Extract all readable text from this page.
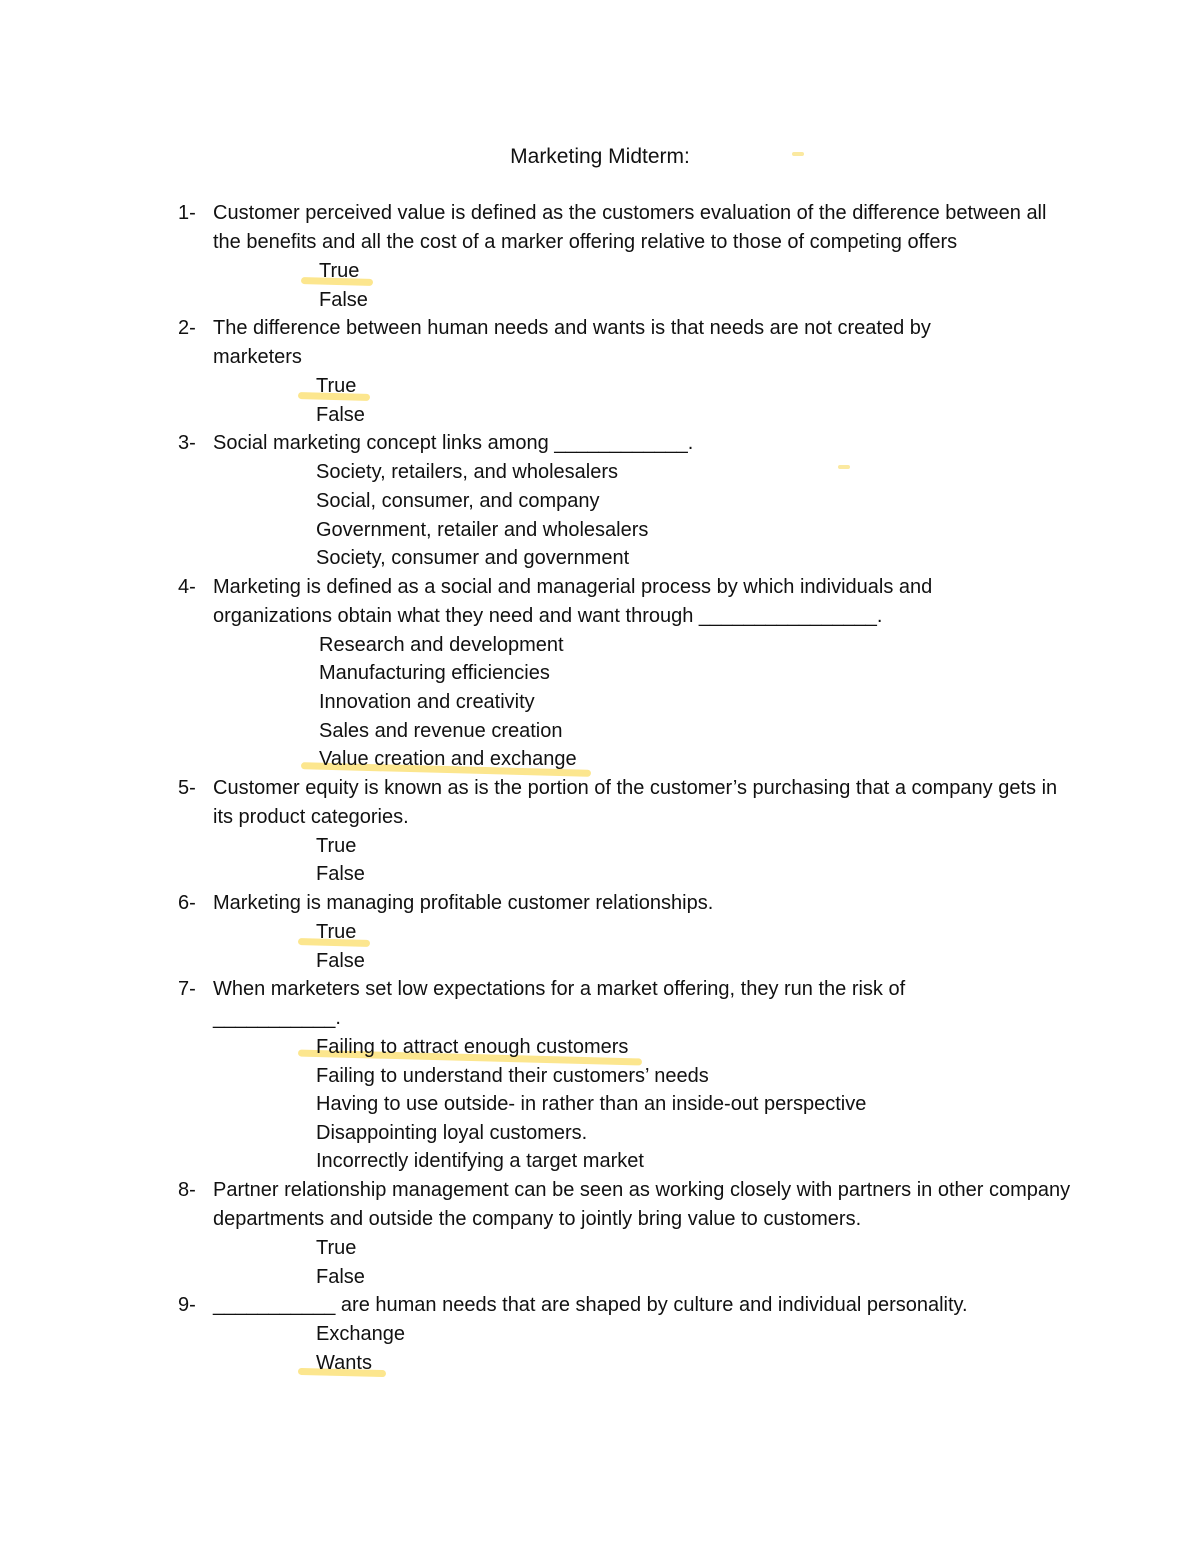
Marketing Midterm:
1- Customer perceived value is defined as the customers evaluation of the difference between all the benefits and all the cost of a marker offering relative to those of competing offers
True
False
2- The difference between human needs and wants is that needs are not created by marketers
True
False
3- Social marketing concept links among ____________.
Society, retailers, and wholesalers
Social, consumer, and company
Government, retailer and wholesalers
Society, consumer and government
4- Marketing is defined as a social and managerial process by which individuals and organizations obtain what they need and want through ________________.
Research and development
Manufacturing efficiencies
Innovation and creativity
Sales and revenue creation
Value creation and exchange
5- Customer equity is known as is the portion of the customer’s purchasing that a company gets in its product categories.
True
False
6- Marketing is managing profitable customer relationships.
True
False
7- When marketers set low expectations for a market offering, they run the risk of ___________.
Failing to attract enough customers
Failing to understand their customers’ needs
Having to use outside- in rather than an inside-out perspective
Disappointing loyal customers.
Incorrectly identifying a target market
8- Partner relationship management can be seen as working closely with partners in other company departments and outside the company to jointly bring value to customers.
True
False
9- ___________ are human needs that are shaped by culture and individual personality.
Exchange
Wants
